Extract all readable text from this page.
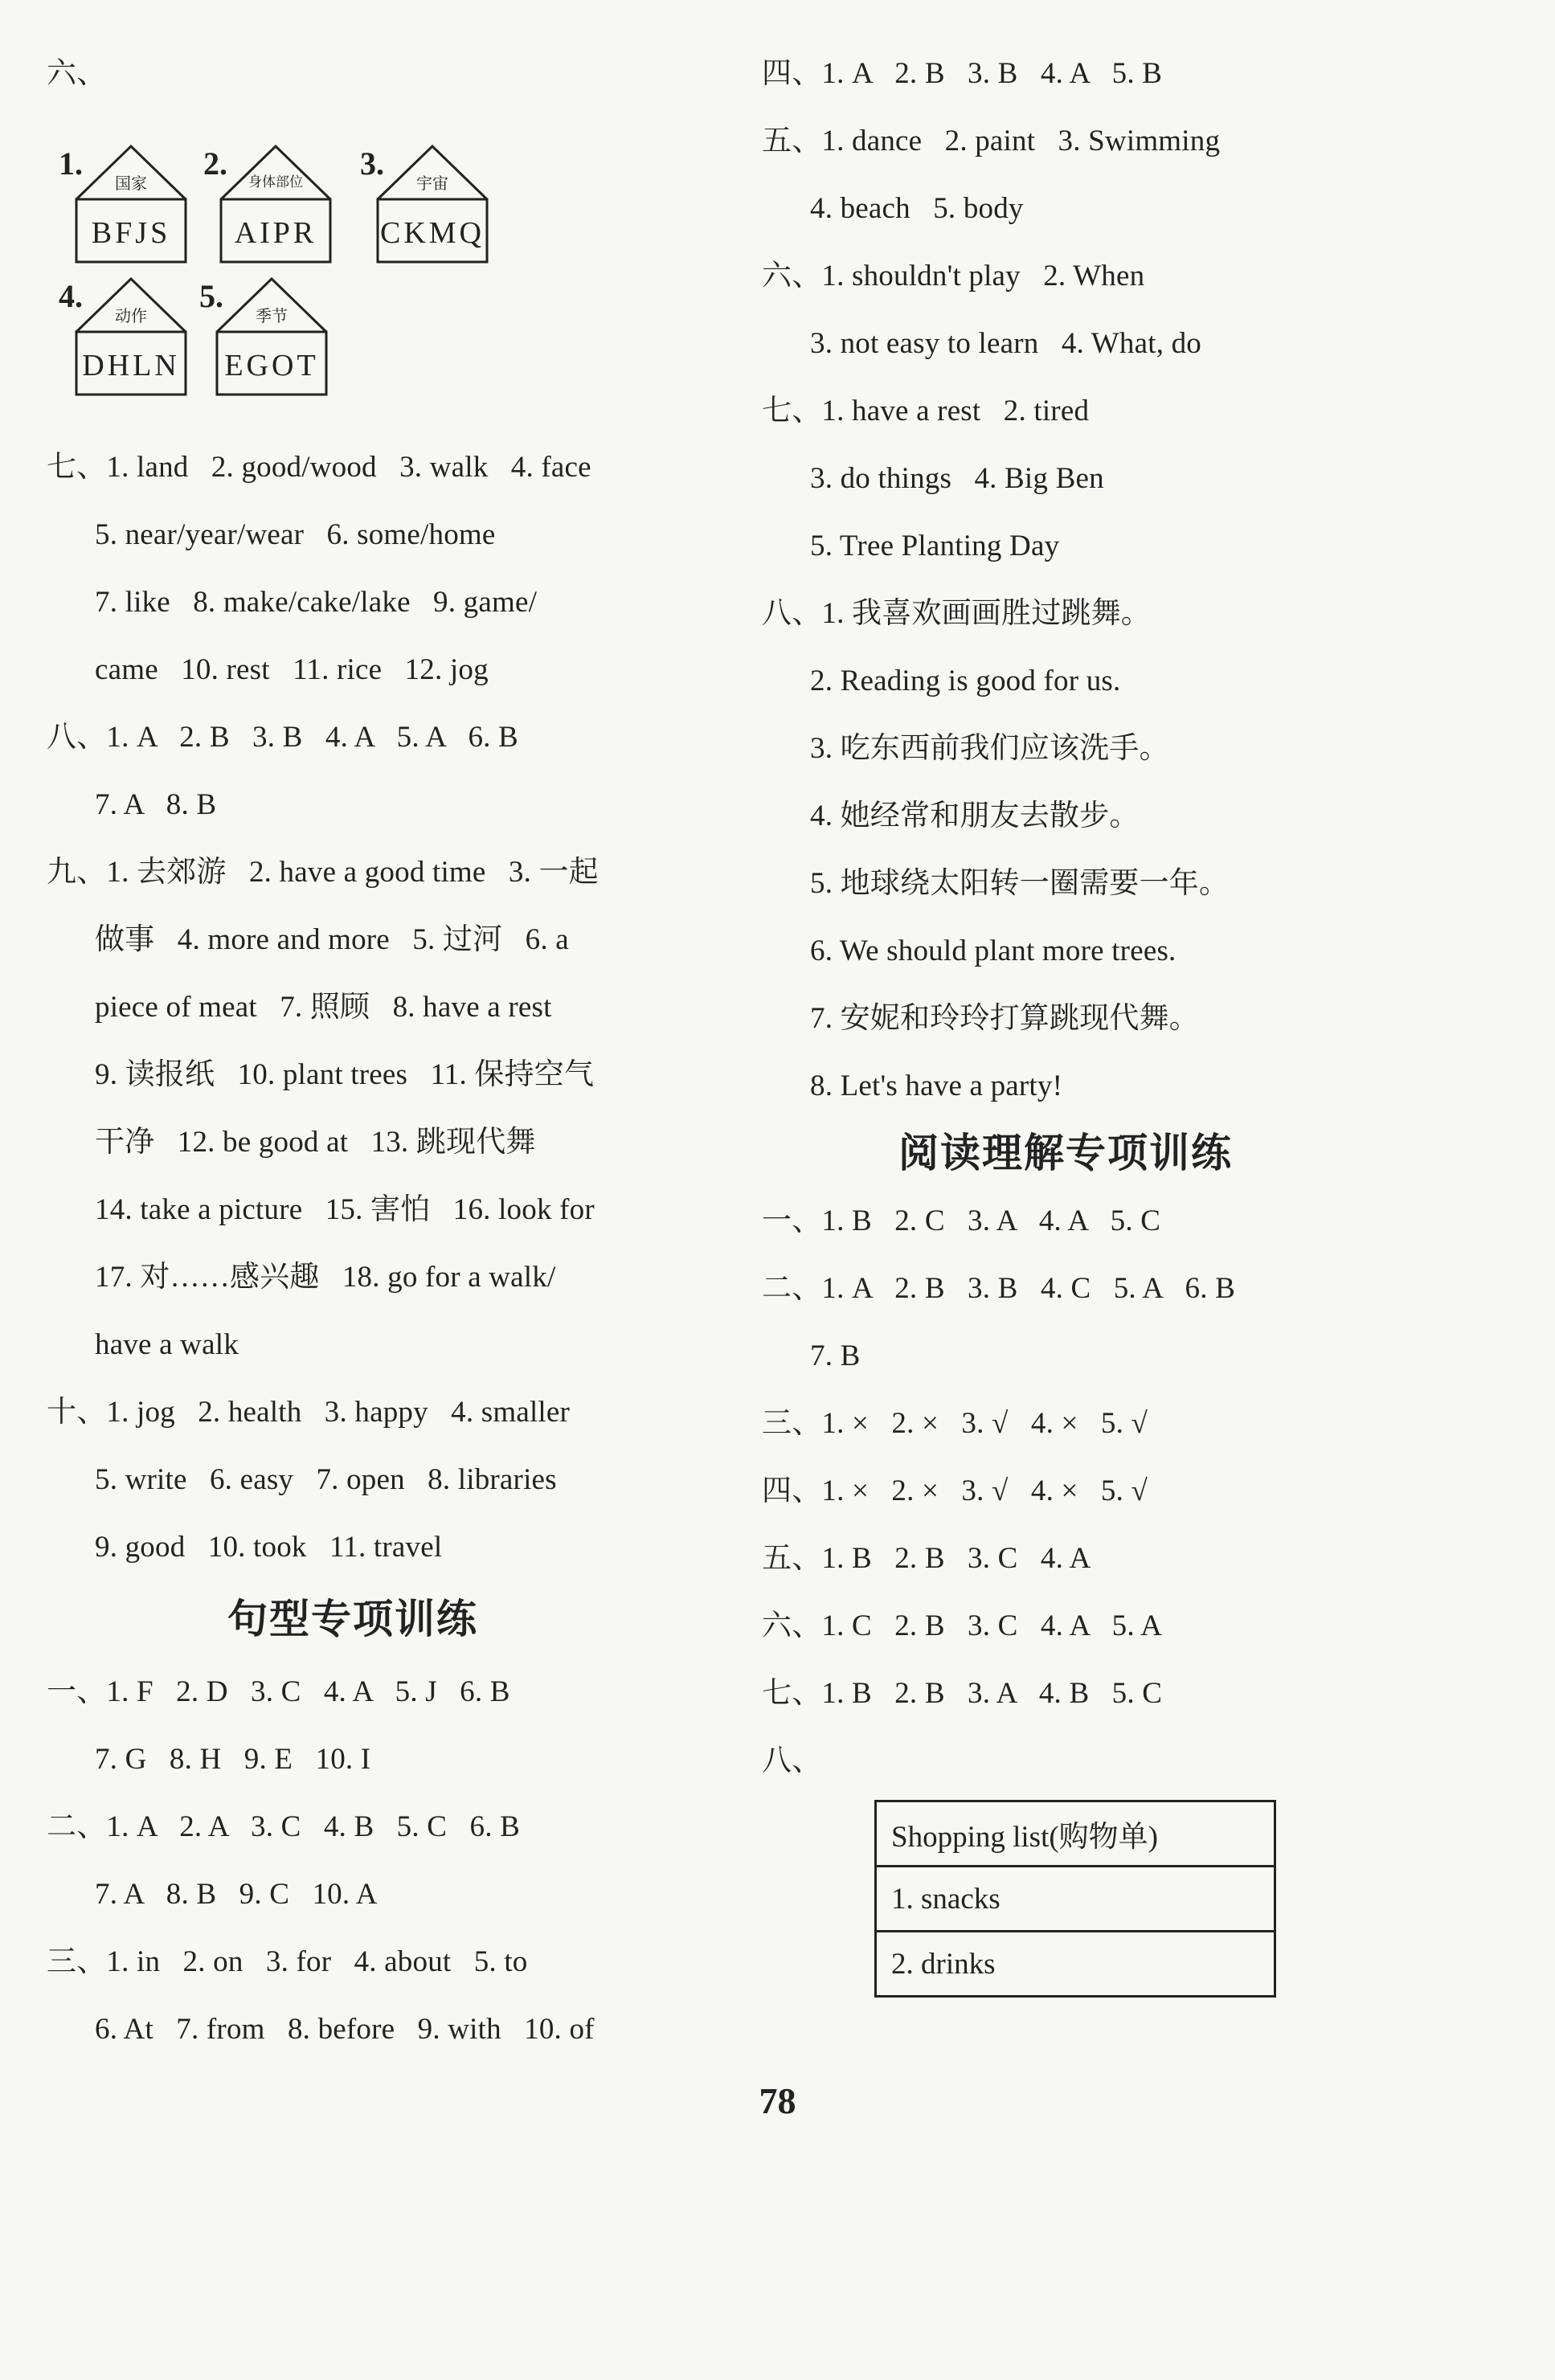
六、
1.
国家
BFJS
2.
身体部位
AIPR
3.
宇宙
CKMQ
4.
动作
DHLN
5.
季节
EGOT
七、1. land   2. good/wood   3. walk   4. face
5. near/year/wear   6. some/home
7. like   8. make/cake/lake   9. game/
came   10. rest   11. rice   12. jog
八、1. A   2. B   3. B   4. A   5. A   6. B
7. A   8. B
九、1. 去郊游   2. have a good time   3. 一起
做事   4. more and more   5. 过河   6. a
piece of meat   7. 照顾   8. have a rest
9. 读报纸   10. plant trees   11. 保持空气
干净   12. be good at   13. 跳现代舞
14. take a picture   15. 害怕   16. look for
17. 对……感兴趣   18. go for a walk/
have a walk
十、1. jog   2. health   3. happy   4. smaller
5. write   6. easy   7. open   8. libraries
9. good   10. took   11. travel
句型专项训练
一、1. F   2. D   3. C   4. A   5. J   6. B
7. G   8. H   9. E   10. I
二、1. A   2. A   3. C   4. B   5. C   6. B
7. A   8. B   9. C   10. A
三、1. in   2. on   3. for   4. about   5. to
6. At   7. from   8. before   9. with   10. of
四、1. A   2. B   3. B   4. A   5. B
五、1. dance   2. paint   3. Swimming
4. beach   5. body
六、1. shouldn't play   2. When
3. not easy to learn   4. What, do
七、1. have a rest   2. tired
3. do things   4. Big Ben
5. Tree Planting Day
八、1. 我喜欢画画胜过跳舞。
2. Reading is good for us.
3. 吃东西前我们应该洗手。
4. 她经常和朋友去散步。
5. 地球绕太阳转一圈需要一年。
6. We should plant more trees.
7. 安妮和玲玲打算跳现代舞。
8. Let's have a party!
阅读理解专项训练
一、1. B   2. C   3. A   4. A   5. C
二、1. A   2. B   3. B   4. C   5. A   6. B
7. B
三、1. ×   2. ×   3. √   4. ×   5. √
四、1. ×   2. ×   3. √   4. ×   5. √
五、1. B   2. B   3. C   4. A
六、1. C   2. B   3. C   4. A   5. A
七、1. B   2. B   3. A   4. B   5. C
八、
Shopping list(购物单)
1. snacks
2. drinks
78
